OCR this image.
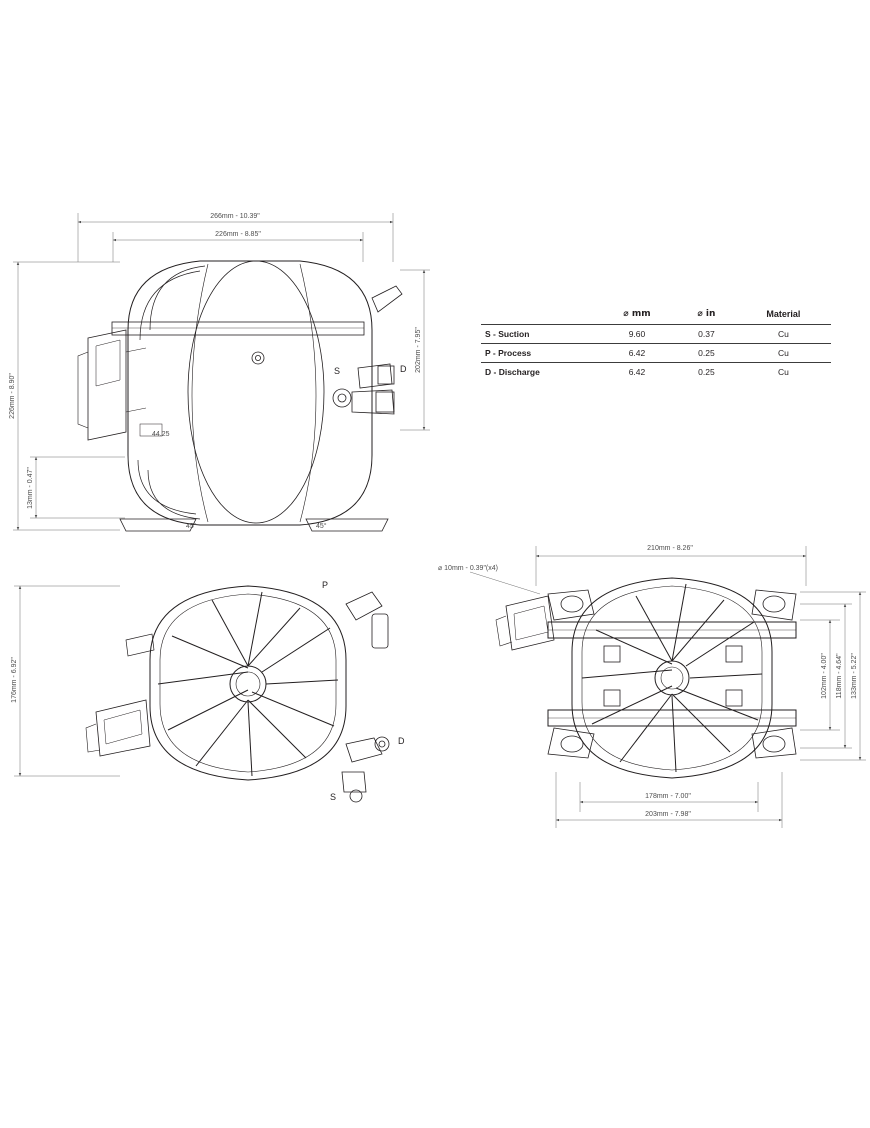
266mm - 10.39"
226mm - 8.85"
226mm - 8.90"
13mm - 0.47"
202mm - 7.95"
44.25
45°	45°
S	D
176mm - 6.92"
P
D
S
210mm - 8.26"
⌀ 10mm - 0.39"(x4)
178mm - 7.00"
203mm - 7.98"
102mm - 4.00" 118mm - 4.64" 133mm - 5.22"
	⌀ mm	⌀ in	Material
S - Suction	9.60	0.37	Cu
P - Process	6.42	0.25	Cu
D - Discharge	6.42	0.25	Cu
